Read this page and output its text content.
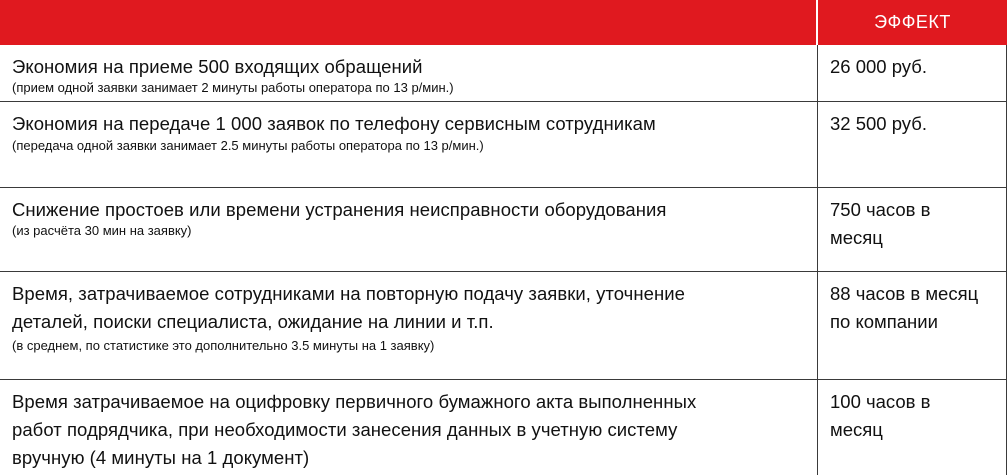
ЭФФЕКТ
Экономия на приеме 500 входящих обращений
(прием одной заявки занимает 2 минуты работы оператора по 13 р/мин.)
26 000 руб.
Экономия на передаче 1 000 заявок по телефону сервисным сотрудникам
(передача одной заявки занимает 2.5 минуты работы оператора по 13 р/мин.)
32 500 руб.
Снижение простоев или времени устранения неисправности оборудования
(из расчёта 30 мин на заявку)
750 часов в
месяц
Время, затрачиваемое сотрудниками на повторную подачу заявки, уточнение
деталей, поиски специалиста, ожидание на линии и т.п.
(в среднем, по статистике это дополнительно 3.5 минуты на 1 заявку)
88 часов в месяц
по компании
Время затрачиваемое на оцифровку первичного бумажного акта выполненных
работ подрядчика, при необходимости занесения данных в учетную систему
вручную (4 минуты на 1 документ)
100 часов в
месяц
